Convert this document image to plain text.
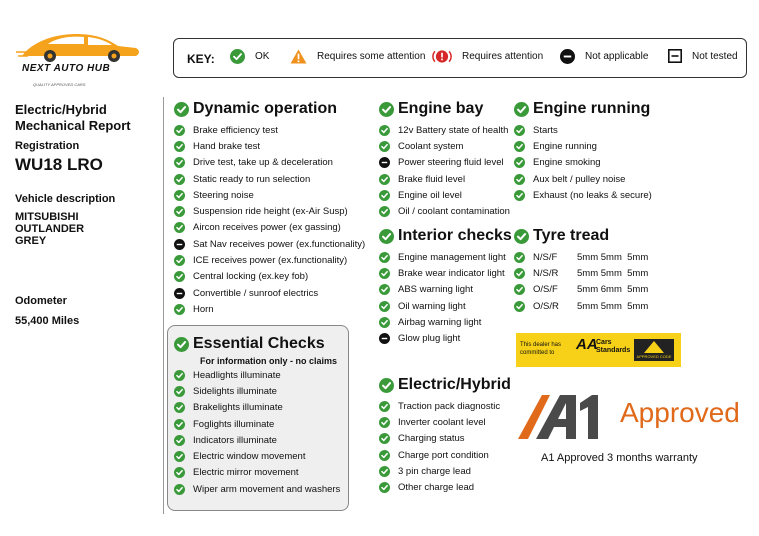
NEXT AUTO HUB
QUALITY APPROVED CARS
KEY:	OK	Requires some attention	Requires attention	Not applicable	Not tested
Electric/Hybrid
Mechanical Report
Registration
WU18 LRO
Vehicle description
MITSUBISHI
OUTLANDER
GREY
Odometer
55,400 Miles
Dynamic operation
Brake efficiency test
Hand brake test
Drive test, take up & deceleration
Static ready to run selection
Steering noise
Suspension ride height (ex-Air Susp)
Aircon receives power (ex gassing)
Sat Nav receives power (ex.functionality)
ICE receives power (ex.functionality)
Central locking (ex.key fob)
Convertible / sunroof electrics
Horn
Essential Checks
For information only - no claims
Headlights illuminate
Sidelights illuminate
Brakelights illuminate
Foglights illuminate
Indicators illuminate
Electric window movement
Electric mirror movement
Wiper arm movement and washers
Engine bay
12v Battery state of health
Coolant system
Power steering fluid level
Brake fluid level
Engine oil level
Oil / coolant contamination
Interior checks
Engine management light
Brake wear indicator light
ABS warning light
Oil warning light
Airbag warning light
Glow plug light
Electric/Hybrid
Traction pack diagnostic
Inverter coolant level
Charging status
Charge port condition
3 pin charge lead
Other charge lead
Engine running
Starts
Engine running
Engine smoking
Aux belt / pulley noise
Exhaust (no leaks & secure)
Tyre tread
N/S/F	5mm 5mm  5mm
N/S/R	5mm 5mm  5mm
O/S/F	5mm 6mm  5mm
O/S/R	5mm 5mm  5mm
This dealer has committed to	AA
Cars
Standards
APPROVED CODE
Approved
A1 Approved 3 months warranty
